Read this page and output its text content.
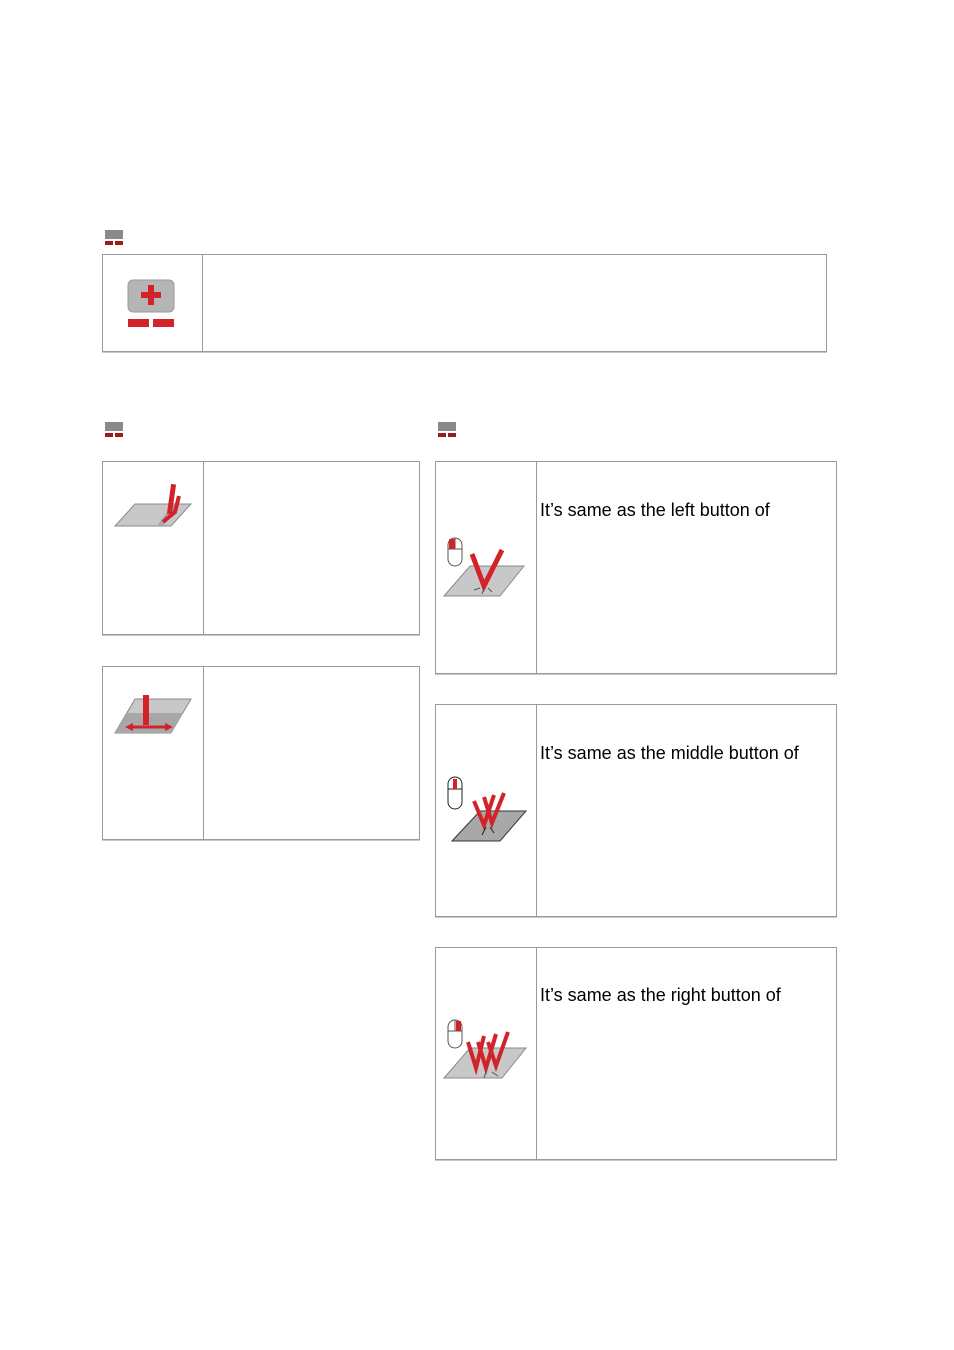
It’s same as the left button of
It’s same as the middle button of
It’s same as the right button of
